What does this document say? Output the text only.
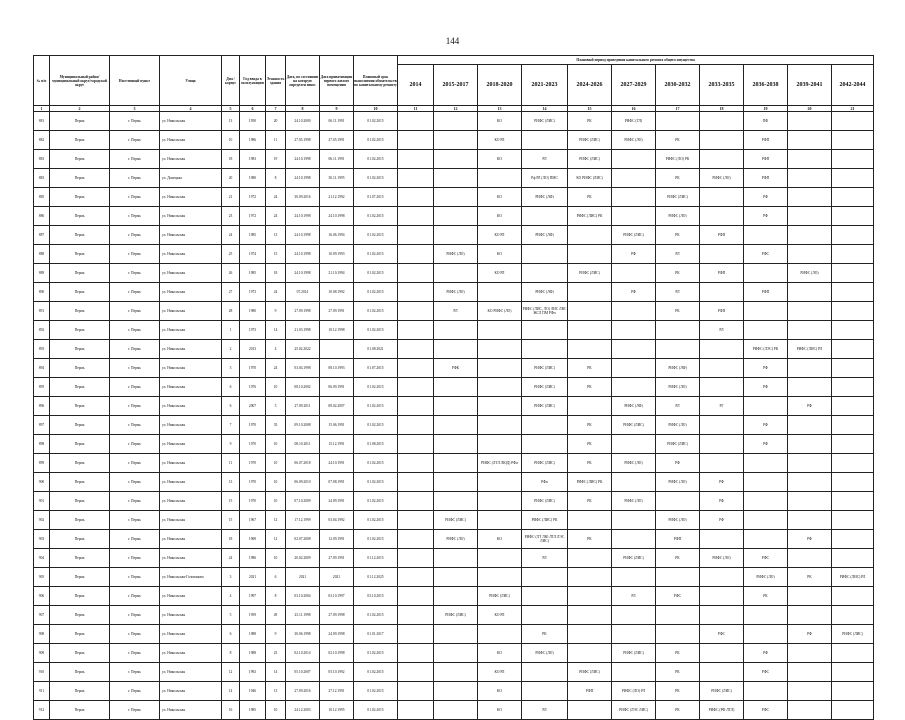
144
№ п/п	Муниципальный район/муниципальный округ/городской округ	Населенный пункт	Улица	Дом / корпус	Год ввода в эксплуатацию	Этажность здания	Дата, по состоянию на которую определен износ	Дата приватизации первого жилого помещения	Плановый срок выполнения обязательств по капитальному ремонту	Плановый период проведения капитального ремонта общего имущества										
										2014	2015-2017	2018-2020	2021-2023	2024-2026	2027-2029	2030-2032	2033-2035	2036-2038	2039-2041	2042-2044
1	2	3	4	5	6	7	8	9	10	11	12	13	14	15	16	17	18	19	20	21
881	Пермь	г. Пермь	ул. Никольская	13	1950	20	24.10.2000	06.11.1991	01.02.2015			КО	РИФС (ЛИС)	РК	РИФС (ГЛ)			ПФ		
882	Пермь	г. Пермь	ул. Никольская	10	1986	11	27.05.1998	27.05.1991	01.02.2015			КО РЛ		РИФС (ЛИС)	РИФС (ЛО)	РК		РФП		
883	Пермь	г. Пермь	ул. Никольская	18	1983	19	24.10.1998	06.11.1991	01.02.2015			КО	РЛ	РИФС (ЛИС)		РИФС (ЛО) РК		РФП		
883	Пермь	г. Пермь	ул. Донецкая	20	1980	8	24.10.1998	30.11.1995	01.02.2015				Рф РЛ (ЛО) ПМС	КО РИФС (ЛИС)		РК	РИФС (ЛО)	РФП		
885	Пермь	г. Пермь	ул. Никольская	21	1972	24	30.09.2016	21.12.1992	01.07.2015			КО	РИФС (ЛФ)	РК		РИФС (ЛИС)		РФ		
886	Пермь	г. Пермь	ул. Никольская	23	1972	24	24.10.1998	24.10.1998	01.02.2015			КО		РИФС (ЛИС) РК		РИФС (ЛО)		РФ		
887	Пермь	г. Пермь	ул. Никольская	24	1985	13	24.10.1998	16.06.1994	01.02.2015			КО РЛ	РИФС (ЛФ)		РИФС (ЛИС)	РК	РФП			
888	Пермь	г. Пермь	ул. Никольская	25	1974	15	24.10.1998	10.09.1993	01.02.2015		РИФС (ЛО)	КО			РФ	РЛ		РФС		
889	Пермь	г. Пермь	ул. Никольская	26	1985	18	24.10.1998	21.10.1994	01.02.2015			КО РЛ		РИФС (ЛИС)		РК	РФП		РИФС (ЛО)	
890	Пермь	г. Пермь	ул. Никольская	27	1973	24	07.2014	10.08.1992	01.02.2015		РИФС (ЛО)		РИФС (ЛФ)		РФ	РЛ		РФП		
891	Пермь	г. Пермь	ул. Никольская	28	1980	9	27.09.1998	27.09.1991	01.02.2015		РЛ	КО РИФС (ЛО)	РИФС (ЛИС, ЛО) ЛИС ЛВС ЖСЛ ПМ РФп			РК	РФП			
892	Пермь	г. Пермь	ул. Никольская	1	1973	14	21.03.1998	10.12.1998	01.02.2015								РЛ			
893	Пермь	г. Пермь	ул. Никольская	2	2013	4	25.02.2022		01.08.2021									РИФС (ЛЭС) РК	РИФС (ЛИС) РЛ	
894	Пермь	г. Пермь	ул. Никольская	3	1970	24	03.04.1998	08.10.1993	01.07.2015		РФК		РИФС (ЛИС)	РК		РИФС (ЛФ)		РФ		
895	Пермь	г. Пермь	ул. Никольская	6	1976	10	08.10.2002	06.09.1991	01.02.2015				РИФС (ЛИС)	РК		РИФС (ЛО)		РФ		
896	Пермь	г. Пермь	ул. Никольская	6	2007	5	27.09.2011	08.02.2007	01.02.2015				РИФС (ЛИС)		РИФС (ЛФ)	РЛ	РГ		РФ	
897	Пермь	г. Пермь	ул. Никольская	7	1970	35	09.10.2008	15.06.1991	01.02.2015					РК	РИФС (ЛИС)	РИФС (ЛО)		РФ		
898	Пермь	г. Пермь	ул. Никольская	9	1970	10	08.10.2011	15.12.1991	01.08.2015					РК		РИФС (ЛИС)		РФ		
899	Пермь	г. Пермь	ул. Никольская	11	1970	10	06.07.2018	24.10.1991	01.02.2015			РИФС (ЛТЛ ЛЮД) РФп	РИФС (ЛИС)	РК	РИФС (ЛО)	РФ				
900	Пермь	г. Пермь	ул. Никольская	13	1970	10	06.09.2010	07.08.1991	01.02.2015				РФп	РИФС (ЛИС) РК		РИФС (ЛО)	РФ			
901	Пермь	г. Пермь	ул. Никольская	15	1970	10	07.10.2009	24.09.1991	01.02.2015				РИФС (ЛИС)	РК	РИФС (ЛО)		РФ			
902	Пермь	г. Пермь	ул. Никольская	15	1967	12	17.12.1999	03.04.1992	01.02.2015		РИФС (ЛИС)		РИФС (ЛИС) РК			РИФС (ЛО)	РФ			
903	Пермь	г. Пермь	ул. Никольская	18	1969	12	02.07.2008	12.09.1991	01.02.2015		РИФС (ЛО)	КО	РИФС (ЛТ ЛЮ ЛТЛ ЛЭС ЛИС)	РК		РФП			РФ	
904	Пермь	г. Пермь	ул. Никольская	24	1986	10	20.02.2009	27.09.1991	01.12.2015				РЛ		РИФС (ЛИС)	РК	РИФС (ЛО)	РФС		
905	Пермь	г. Пермь	ул. Никольская-Голованова	3	2021	6	2021	2021	01.12.2025									РИФС (ЛО)	РК	РИФС (ЛИС) РЛ
906	Пермь	г. Пермь	ул. Никольская	4	1997	8	03.10.2004	03.10.1997	03.10.2015			РИФС (ЛИС)			РЛ	РФС		РК		
907	Пермь	г. Пермь	ул. Никольская	5	1959	49	23.11.1998	27.09.1998	01.02.2015		РИФС (ЛИС)	КО РЛ								
908	Пермь	г. Пермь	ул. Никольская	6	1988	9	30.06.1998	24.09.1998	01.01.2017				РК				РФС		РФ	РИФС (ЛИС)
909	Пермь	г. Пермь	ул. Никольская	8	1988	23	02.10.2014	02.10.1998	01.02.2015			КО	РИФС (ЛО)		РИФС (ЛИС)	РК		РФ		
910	Пермь	г. Пермь	ул. Никольская	12	1992	14	05.10.2007	05.10.1992	01.02.2015			КО РЛ		РИФС (ЛИС)		РК		РФС		
911	Пермь	г. Пермь	ул. Никольская	14	1946	13	27.09.2016	27.12.1991	01.02.2015			КО		РФП	РИФС (ЛО) РЛ	РК	РИФС (ЛИС)			
912	Пермь	г. Пермь	ул. Никольская	16	1985	10	24.12.2003	10.12.1995	01.02.2015			КО	РЛ		РИФС (ЛЭС ЛИС)	РК	РИФС (РФ ЛТЛ)	РФС		
